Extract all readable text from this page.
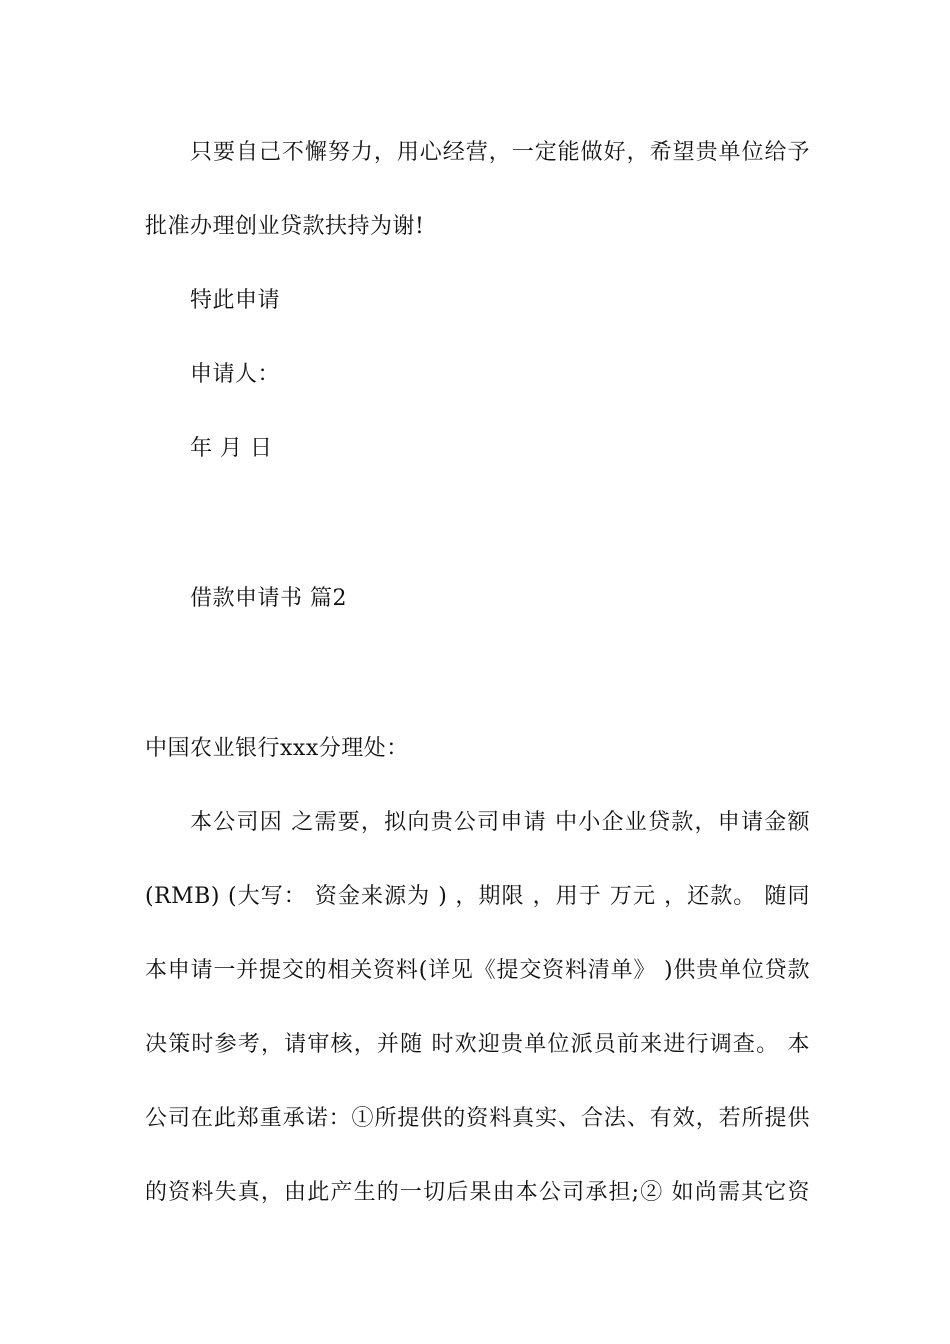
只要自己不懈努力，用心经营，一定能做好，希望贵单位给予
批准办理创业贷款扶持为谢!
特此申请
申请人：
年 月 日
借款申请书 篇2
中国农业银行xxx分理处：
本公司因 之需要，拟向贵公司申请 中小企业贷款，申请金额
(RMB) (大写： 资金来源为 ) ，期限 ，用于 万元 ，还款。 随同
本申请一并提交的相关资料(详见《提交资料清单》 )供贵单位贷款
决策时参考，请审核，并随 时欢迎贵单位派员前来进行调查。 本
公司在此郑重承诺：①所提供的资料真实、合法、有效，若所提供
的资料失真，由此产生的一切后果由本公司承担;② 如尚需其它资
